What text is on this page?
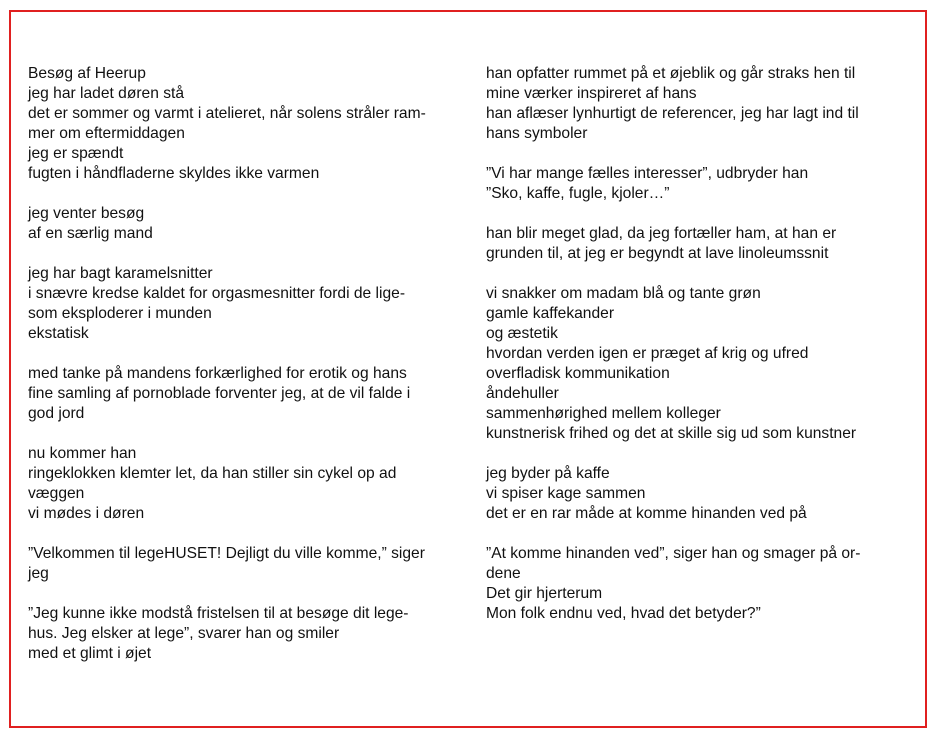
Besøg af Heerup
jeg har ladet døren stå
det er sommer og varmt i atelieret, når solens stråler ram-
mer om eftermiddagen
jeg er spændt
fugten i håndfladerne skyldes ikke varmen
jeg venter besøg
af en særlig mand
jeg har bagt karamelsnitter
i snævre kredse kaldet for orgasmesnitter fordi de lige-
som eksploderer i munden
ekstatisk
med tanke på mandens forkærlighed for erotik og hans
fine samling af pornoblade forventer jeg, at de vil falde i
god jord
nu kommer han
ringeklokken klemter let, da han stiller sin cykel op ad
væggen
vi mødes i døren
”Velkommen til legeHUSET! Dejligt du ville komme,” siger
jeg
”Jeg kunne ikke modstå fristelsen til at besøge dit lege-
hus. Jeg elsker at lege”, svarer han og smiler
med et glimt i øjet
han opfatter rummet på et øjeblik og går straks hen til
mine værker inspireret af hans
han aflæser lynhurtigt de referencer, jeg har lagt ind til
hans symboler
”Vi har mange fælles interesser”, udbryder han
”Sko, kaffe, fugle, kjoler…”
han blir meget glad, da jeg fortæller ham, at han er
grunden til, at jeg er begyndt at lave linoleumssnit
vi snakker om madam blå og tante grøn
gamle kaffekander
og æstetik
hvordan verden igen er præget af krig og ufred
overfladisk kommunikation
åndehuller
sammenhørighed mellem kolleger
kunstnerisk frihed og det at skille sig ud som kunstner
jeg byder på kaffe
vi spiser kage sammen
det er en rar måde at komme hinanden ved på
”At komme hinanden ved”, siger han og smager på or-
dene
Det gir hjerterum
Mon folk endnu ved, hvad det betyder?”
